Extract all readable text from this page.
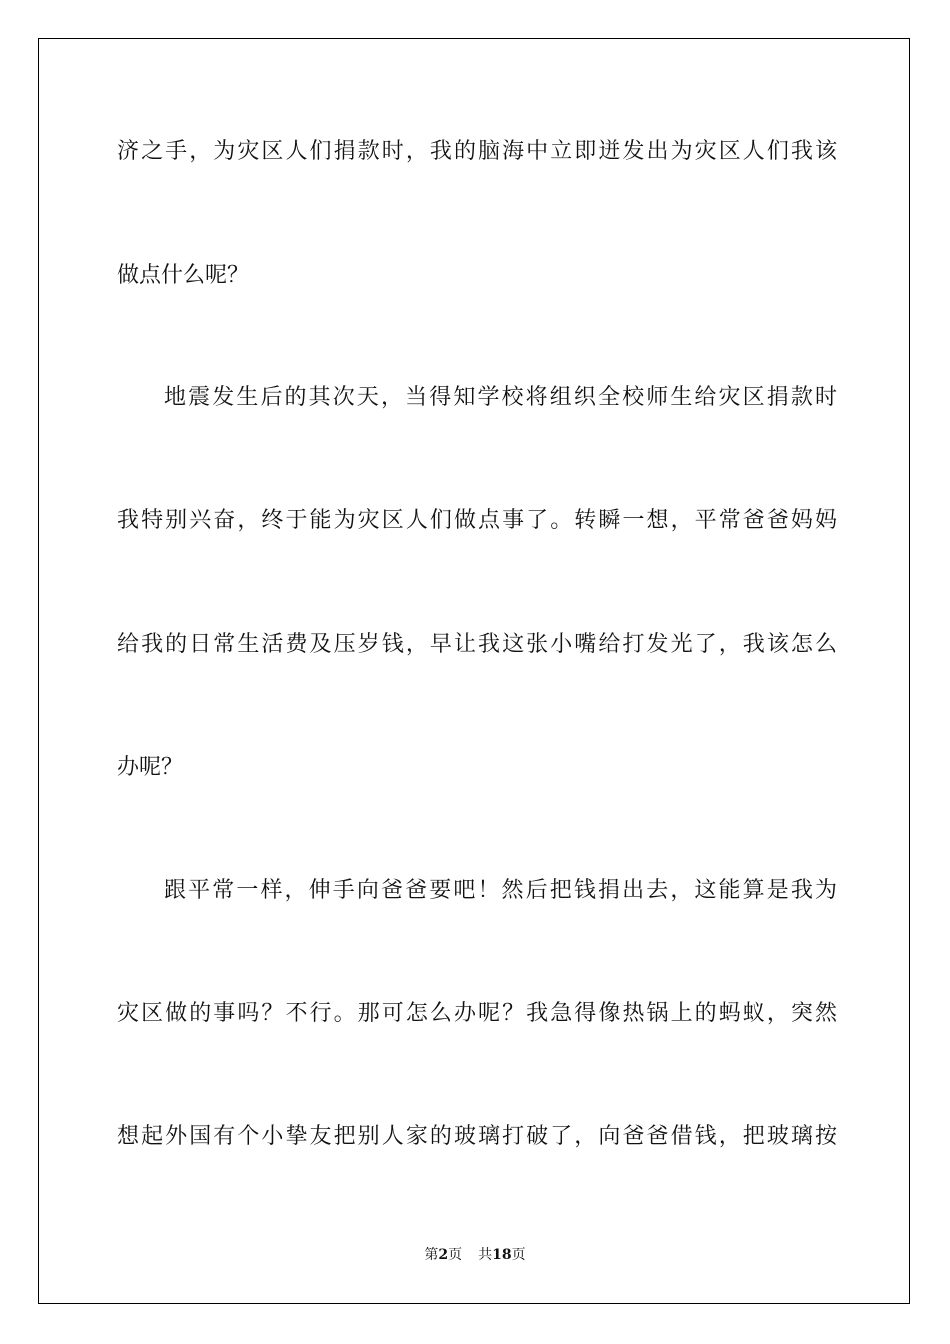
济之手，为灾区人们捐款时，我的脑海中立即迸发出为灾区人们我该
做点什么呢？
地震发生后的其次天，当得知学校将组织全校师生给灾区捐款时
我特别兴奋，终于能为灾区人们做点事了。转瞬一想，平常爸爸妈妈
给我的日常生活费及压岁钱，早让我这张小嘴给打发光了，我该怎么
办呢？
跟平常一样，伸手向爸爸要吧！然后把钱捐出去，这能算是我为
灾区做的事吗？不行。那可怎么办呢？我急得像热锅上的蚂蚁，突然
想起外国有个小挚友把别人家的玻璃打破了，向爸爸借钱，把玻璃按
第2页 共18页
